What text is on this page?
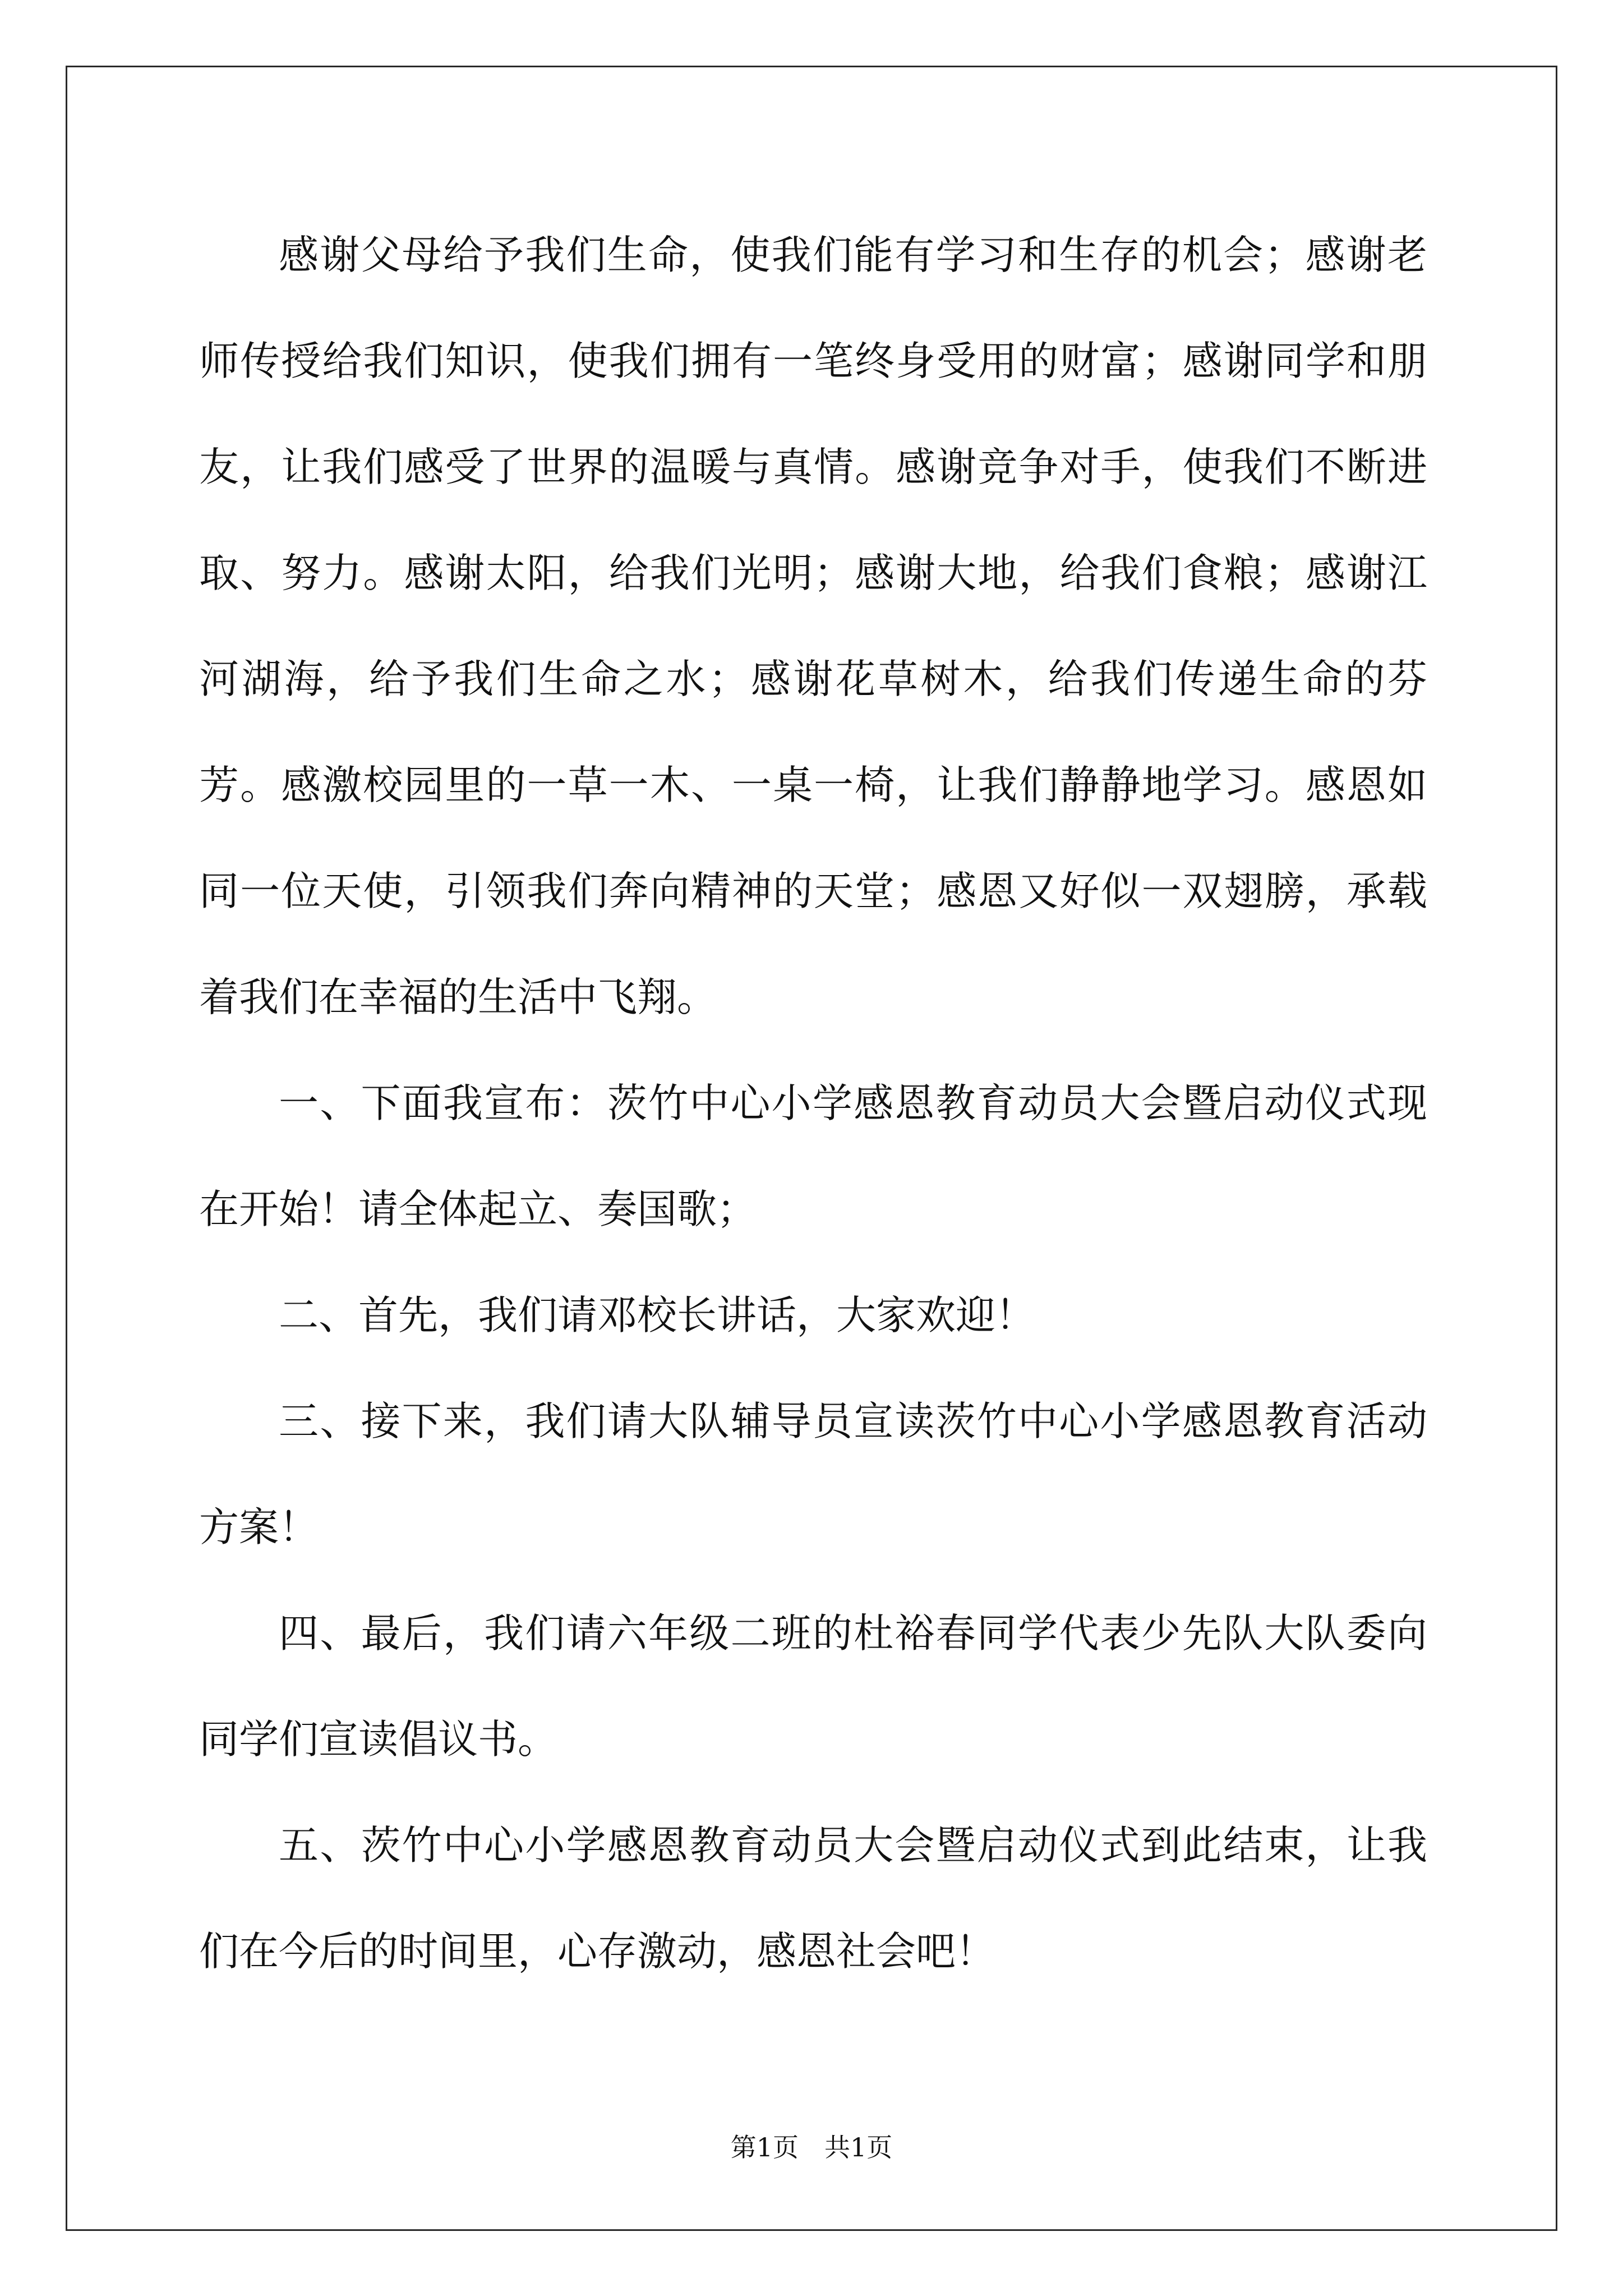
感谢父母给予我们生命，使我们能有学习和生存的机会；感谢老师传授给我们知识，使我们拥有一笔终身受用的财富；感谢同学和朋友，让我们感受了世界的温暖与真情。感谢竞争对手，使我们不断进取、努力。感谢太阳，给我们光明；感谢大地，给我们食粮；感谢江河湖海，给予我们生命之水；感谢花草树木，给我们传递生命的芬芳。感激校园里的一草一木、一桌一椅，让我们静静地学习。感恩如同一位天使，引领我们奔向精神的天堂；感恩又好似一双翅膀，承载着我们在幸福的生活中飞翔。

一、下面我宣布：茨竹中心小学感恩教育动员大会暨启动仪式现在开始！请全体起立、奏国歌；

二、首先，我们请邓校长讲话，大家欢迎！

三、接下来，我们请大队辅导员宣读茨竹中心小学感恩教育活动方案！

四、最后，我们请六年级二班的杜裕春同学代表少先队大队委向同学们宣读倡议书。

五、茨竹中心小学感恩教育动员大会暨启动仪式到此结束，让我们在今后的时间里，心存激动，感恩社会吧！

第1页　共1页
